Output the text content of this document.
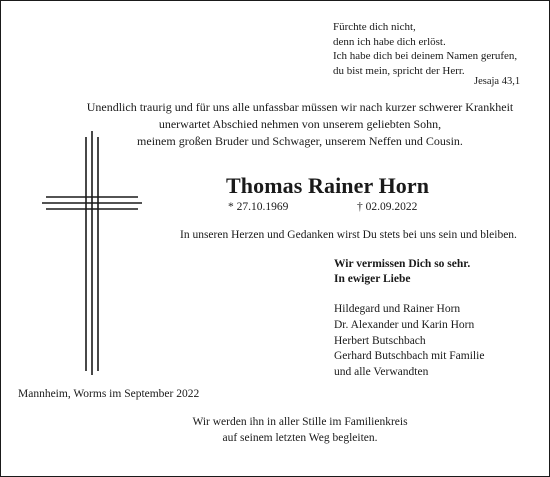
Fürchte dich nicht,
denn ich habe dich erlöst.
Ich habe dich bei deinem Namen gerufen,
du bist mein, spricht der Herr.
Jesaja 43,1
Unendlich traurig und für uns alle unfassbar müssen wir nach kurzer schwerer Krankheit
unerwartet Abschied nehmen von unserem geliebten Sohn,
meinem großen Bruder und Schwager, unserem Neffen und Cousin.
Thomas Rainer Horn
* 27.10.1969	† 02.09.2022
In unseren Herzen und Gedanken wirst Du stets bei uns sein und bleiben.
Wir vermissen Dich so sehr.
In ewiger Liebe
Hildegard und Rainer Horn
Dr. Alexander und Karin Horn
Herbert Butschbach
Gerhard Butschbach mit Familie
und alle Verwandten
Mannheim, Worms im September 2022
Wir werden ihn in aller Stille im Familienkreis
auf seinem letzten Weg begleiten.
